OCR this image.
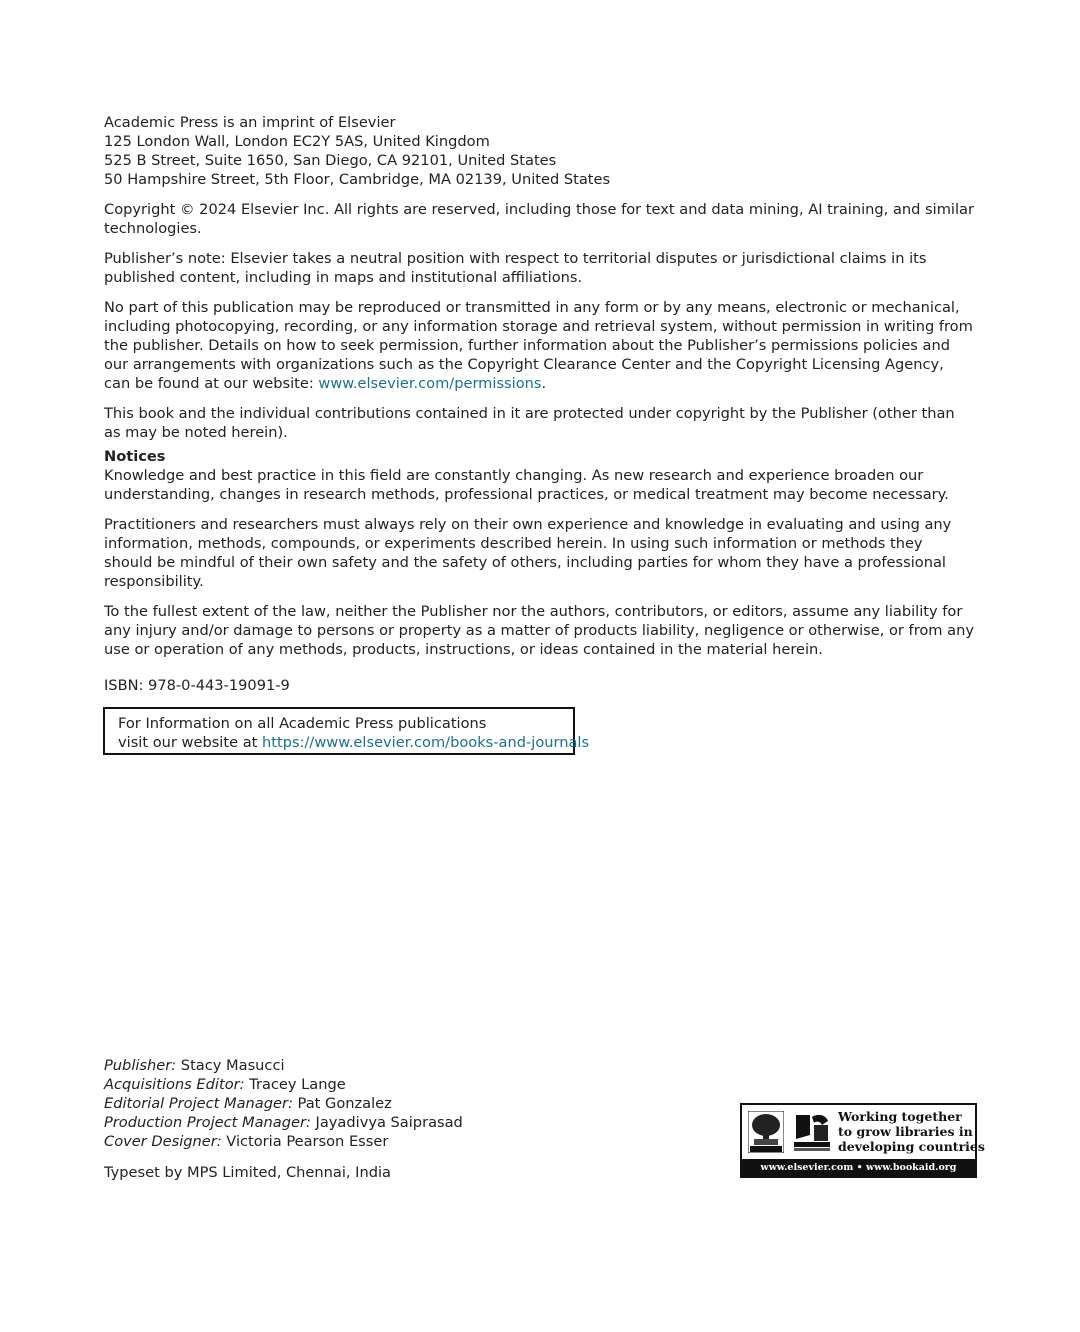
Academic Press is an imprint of Elsevier
125 London Wall, London EC2Y 5AS, United Kingdom
525 B Street, Suite 1650, San Diego, CA 92101, United States
50 Hampshire Street, 5th Floor, Cambridge, MA 02139, United States

Copyright © 2024 Elsevier Inc. All rights are reserved, including those for text and data mining, AI training, and similar technologies.

Publisher’s note: Elsevier takes a neutral position with respect to territorial disputes or jurisdictional claims in its published content, including in maps and institutional affiliations.

No part of this publication may be reproduced or transmitted in any form or by any means, electronic or mechanical, including photocopying, recording, or any information storage and retrieval system, without permission in writing from the publisher. Details on how to seek permission, further information about the Publisher’s permissions policies and our arrangements with organizations such as the Copyright Clearance Center and the Copyright Licensing Agency, can be found at our website: www.elsevier.com/permissions.

This book and the individual contributions contained in it are protected under copyright by the Publisher (other than as may be noted herein).

Notices

Knowledge and best practice in this field are constantly changing. As new research and experience broaden our understanding, changes in research methods, professional practices, or medical treatment may become necessary.

Practitioners and researchers must always rely on their own experience and knowledge in evaluating and using any information, methods, compounds, or experiments described herein. In using such information or methods they should be mindful of their own safety and the safety of others, including parties for whom they have a professional responsibility.

To the fullest extent of the law, neither the Publisher nor the authors, contributors, or editors, assume any liability for any injury and/or damage to persons or property as a matter of products liability, negligence or otherwise, or from any use or operation of any methods, products, instructions, or ideas contained in the material herein.

ISBN: 978-0-443-19091-9
For Information on all Academic Press publications
visit our website at https://www.elsevier.com/books-and-journals
Publisher: Stacy Masucci
Acquisitions Editor: Tracey Lange
Editorial Project Manager: Pat Gonzalez
Production Project Manager: Jayadivya Saiprasad
Cover Designer: Victoria Pearson Esser
Typeset by MPS Limited, Chennai, India
Working together
to grow libraries in
developing countries
www.elsevier.com • www.bookaid.org
